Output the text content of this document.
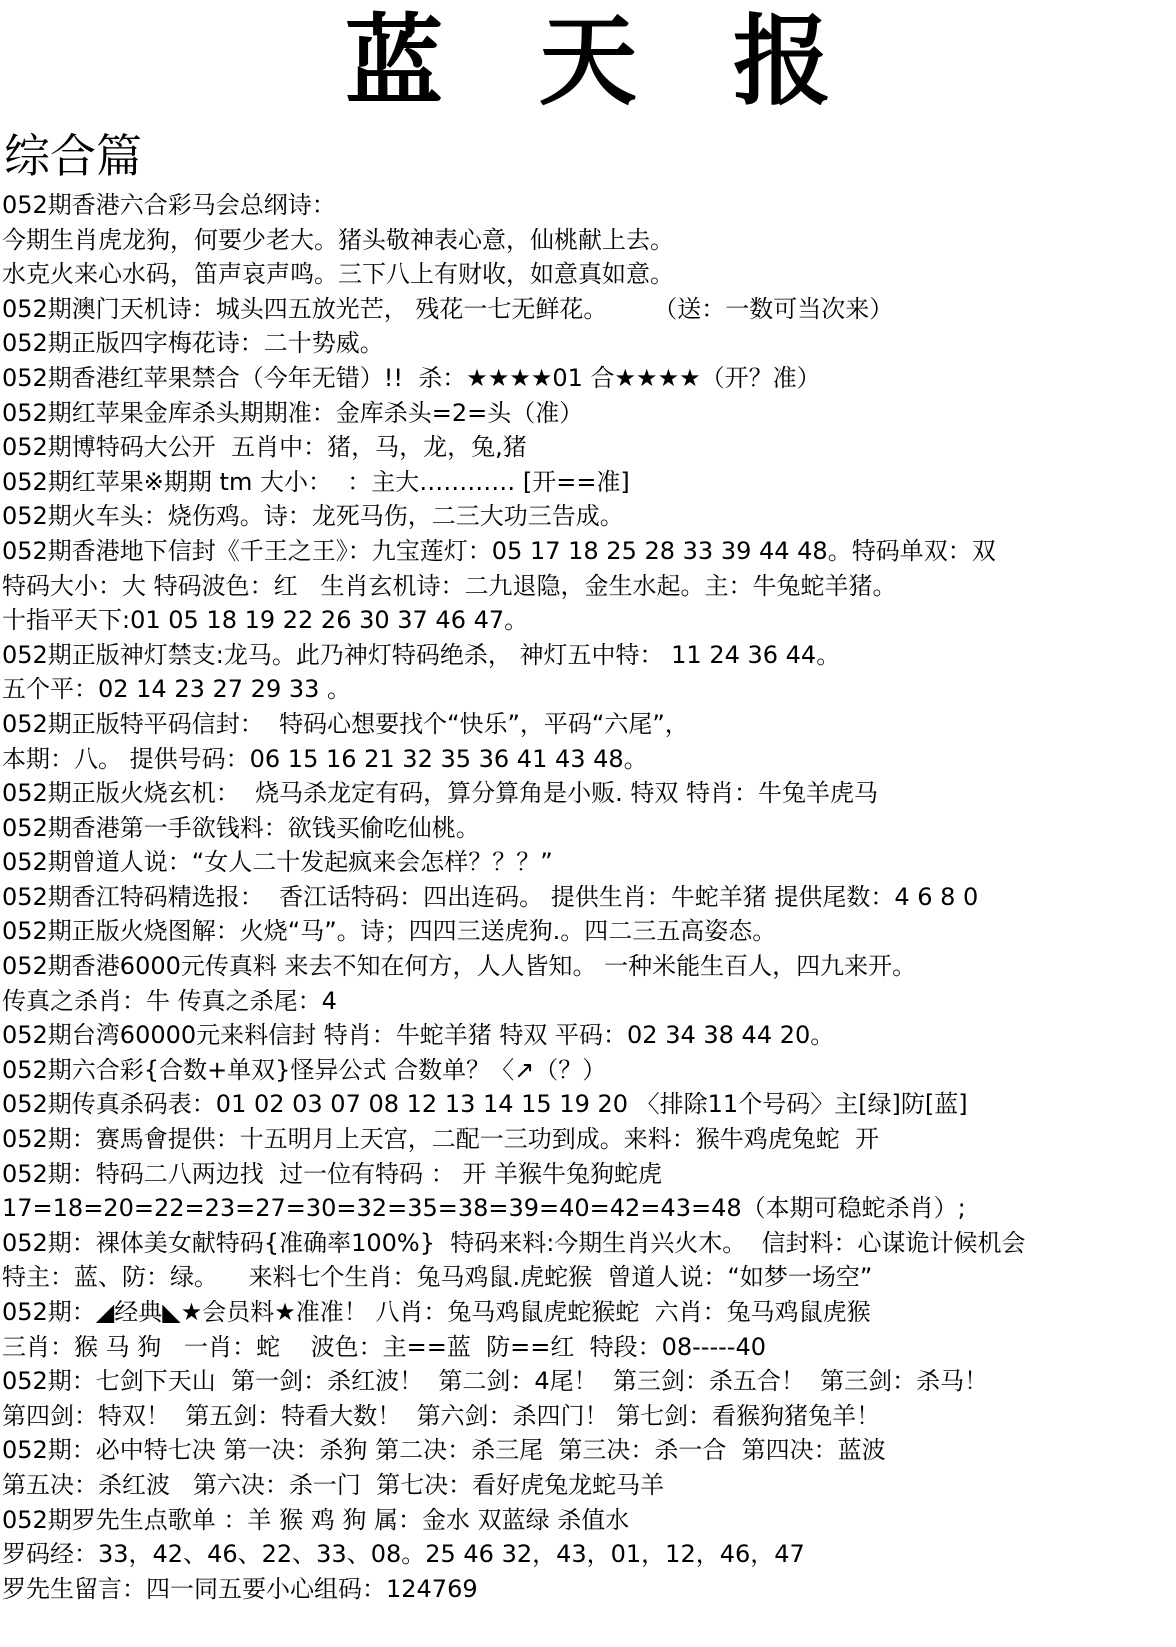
蓝天报
综合篇
052期香港六合彩马会总纲诗：
今期生肖虎龙狗，何要少老大。猪头敬神表心意，仙桃献上去。
水克火来心水码，笛声哀声鸣。三下八上有财收，如意真如意。
052期澳门天机诗：城头四五放光芒， 残花一七无鲜花。      （送：一数可当次来）
052期正版四字梅花诗：二十势威。
052期香港红苹果禁合（今年无错）!!  杀：★★★★01 合★★★★（开？准）
052期红苹果金库杀头期期准：金库杀头=2=头（准）
052期博特码大公开  五肖中：猪，马，龙，兔,猪
052期红苹果※期期 tm 大小：  ：主大………… [开==准]
052期火车头：烧伤鸡。诗：龙死马伤，二三大功三告成。
052期香港地下信封《千王之王》：九宝莲灯：05 17 18 25 28 33 39 44 48。特码单双：双
特码大小：大 特码波色：红   生肖玄机诗：二九退隐，金生水起。主：牛兔蛇羊猪。
十指平天下:01 05 18 19 22 26 30 37 46 47。
052期正版神灯禁支:龙马。此乃神灯特码绝杀， 神灯五中特： 11 24 36 44。
五个平：02 14 23 27 29 33 。
052期正版特平码信封：  特码心想要找个“快乐”，平码“六尾”，
本期：八。 提供号码：06 15 16 21 32 35 36 41 43 48。
052期正版火烧玄机：  烧马杀龙定有码，算分算角是小贩. 特双 特肖：牛兔羊虎马
052期香港第一手欲钱料：欲钱买偷吃仙桃。
052期曾道人说：“女人二十发起疯来会怎样？？？”
052期香江特码精选报：  香江话特码：四出连码。 提供生肖：牛蛇羊猪 提供尾数：4 6 8 0
052期正版火烧图解：火烧“马”。诗；四四三送虎狗.。四二三五高姿态。
052期香港6000元传真料 来去不知在何方，人人皆知。 一种米能生百人，四九来开。
传真之杀肖：牛 传真之杀尾：4
052期台湾60000元来料信封 特肖：牛蛇羊猪 特双 平码：02 34 38 44 20。
052期六合彩{合数+单双}怪异公式 合数单？〈↗（？）
052期传真杀码表：01 02 03 07 08 12 13 14 15 19 20 〈排除11个号码〉主[绿]防[蓝]
052期：赛馬會提供：十五明月上天宫，二配一三功到成。来料：猴牛鸡虎兔蛇  开
052期：特码二八两边找  过一位有特码 ： 开 羊猴牛兔狗蛇虎
17=18=20=22=23=27=30=32=35=38=39=40=42=43=48（本期可稳蛇杀肖）;
052期：裸体美女献特码{准确率100%}  特码来料:今期生肖兴火木。  信封料：心谋诡计候机会
特主：蓝、防：绿。    来料七个生肖：兔马鸡鼠.虎蛇猴  曾道人说：“如梦一场空”
052期：◢经典◣★会员料★准准！ 八肖：兔马鸡鼠虎蛇猴蛇  六肖：兔马鸡鼠虎猴
三肖：猴 马 狗   一肖：蛇    波色：主==蓝  防==红  特段：08-----40
052期：七剑下天山  第一剑：杀红波！  第二剑：4尾！  第三剑：杀五合！  第三剑：杀马！
第四剑：特双！  第五剑：特看大数！  第六剑：杀四门！ 第七剑：看猴狗猪兔羊！
052期：必中特七决 第一决：杀狗 第二决：杀三尾  第三决：杀一合  第四决：蓝波
第五决：杀红波   第六决：杀一门  第七决：看好虎兔龙蛇马羊
052期罗先生点歌单 ：羊 猴 鸡 狗 属：金水 双蓝绿 杀值水
罗码经：33，42、46、22、33、08。25 46 32，43，01，12，46，47
罗先生留言：四一同五要小心组码：124769
